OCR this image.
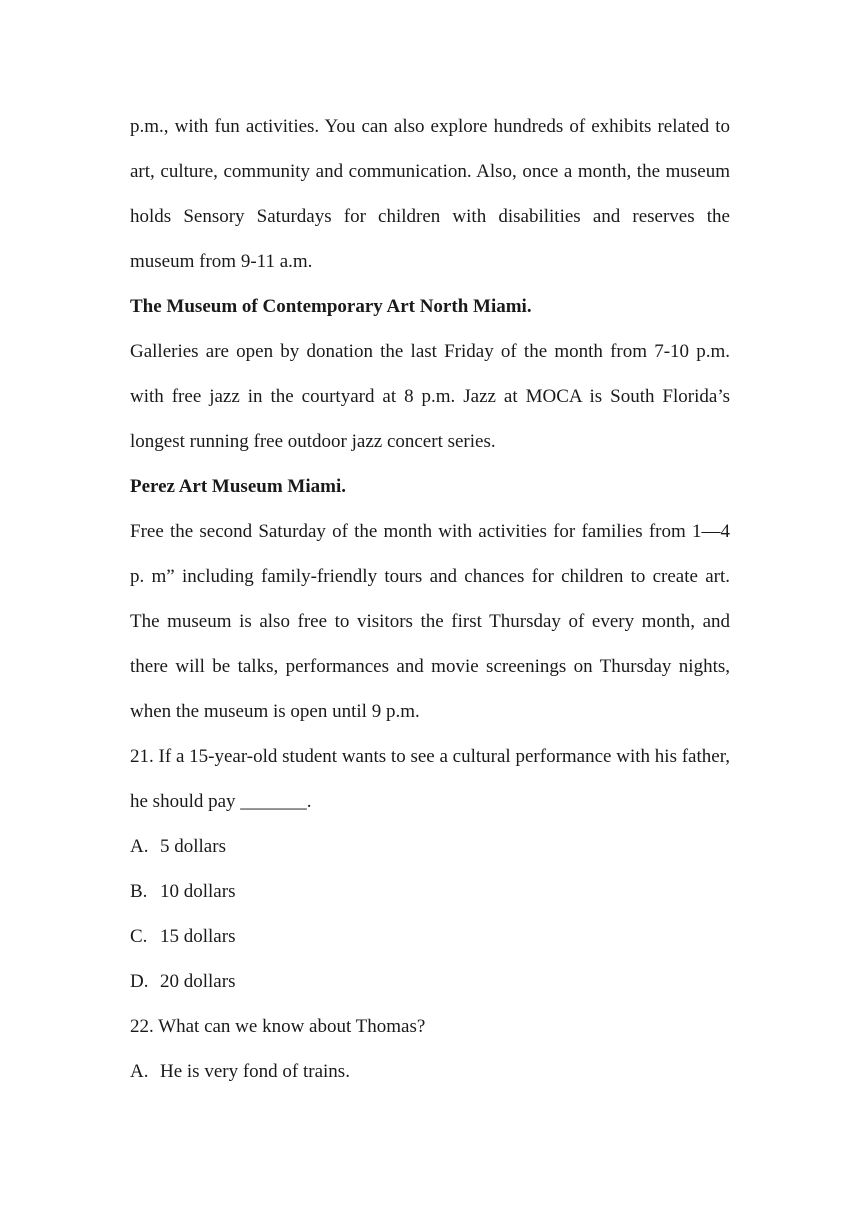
p.m., with fun activities. You can also explore hundreds of exhibits related to art, culture, community and communication. Also, once a month, the museum holds Sensory Saturdays for children with disabilities and reserves the museum from 9-11 a.m.

The Museum of Contemporary Art North Miami.

Galleries are open by donation the last Friday of the month from 7-10 p.m. with free jazz in the courtyard at 8 p.m. Jazz at MOCA is South Florida’s longest running free outdoor jazz concert series.

Perez Art Museum Miami.

Free the second Saturday of the month with activities for families from 1—4 p. m” including family-friendly tours and chances for children to create art. The museum is also free to visitors the first Thursday of every month, and there will be talks, performances and movie screenings on Thursday nights, when the museum is open until 9 p.m.

21. If a 15-year-old student wants to see a cultural performance with his father, he should pay _______.

A. 5 dollars

B. 10 dollars

C. 15 dollars

D. 20 dollars

22. What can we know about Thomas?

A. He is very fond of trains.
